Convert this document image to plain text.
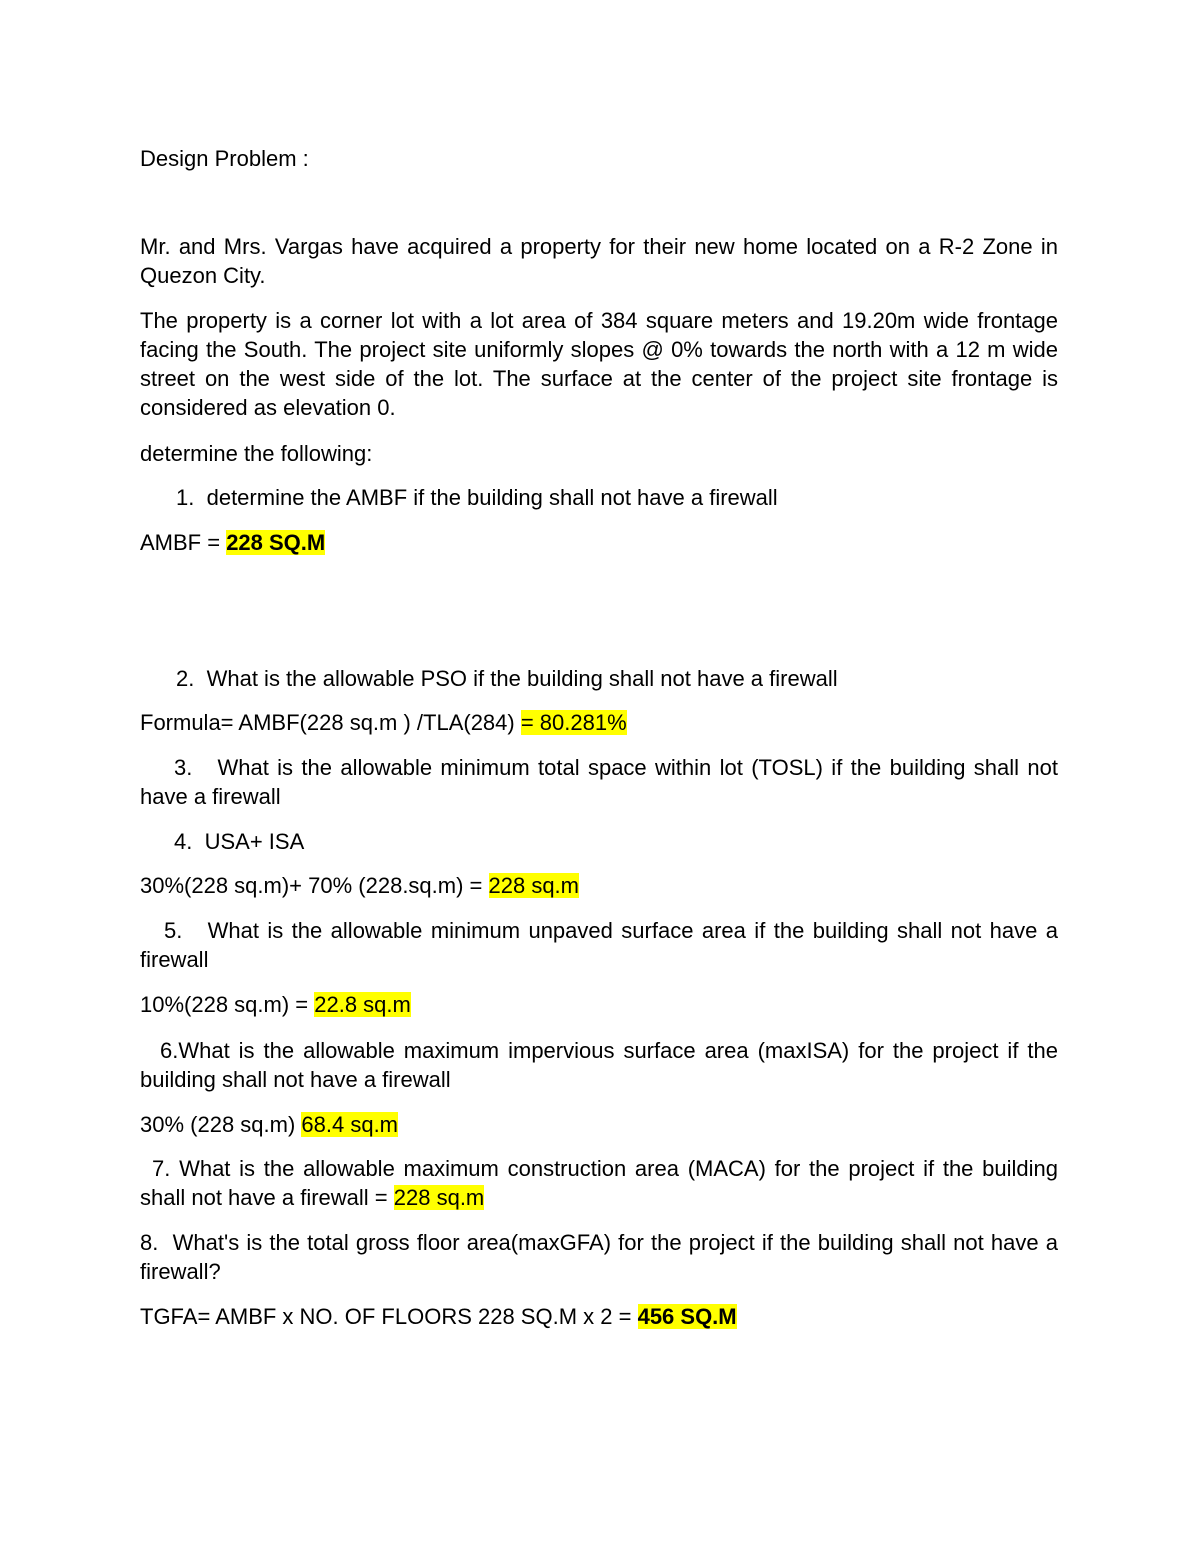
Design Problem :
Mr. and Mrs. Vargas have acquired a property for their new home located on a R-2 Zone in Quezon City.
The property is a corner lot with a lot area of 384 square meters and 19.20m wide frontage facing the South. The project site uniformly slopes @ 0% towards the north with a 12 m wide street on the west side of the lot. The surface at the center of the project site frontage is considered as elevation 0.
determine the following:
1. determine the AMBF if the building shall not have a firewall
AMBF = 228 SQ.M
2. What is the allowable PSO if the building shall not have a firewall
Formula= AMBF(228 sq.m ) /TLA(284) = 80.281%
3. What is the allowable minimum total space within lot (TOSL) if the building shall not have a firewall
4. USA+ ISA
30%(228 sq.m)+ 70% (228.sq.m) = 228 sq.m
5. What is the allowable minimum unpaved surface area if the building shall not have a firewall
10%(228 sq.m) = 22.8 sq.m
6.What is the allowable maximum impervious surface area (maxISA) for the project if the building shall not have a firewall
30% (228 sq.m) 68.4 sq.m
7. What is the allowable maximum construction area (MACA) for the project if the building shall not have a firewall = 228 sq.m
8. What's is the total gross floor area(maxGFA) for the project if the building shall not have a firewall?
TGFA= AMBF x NO. OF FLOORS 228 SQ.M x 2 = 456 SQ.M
